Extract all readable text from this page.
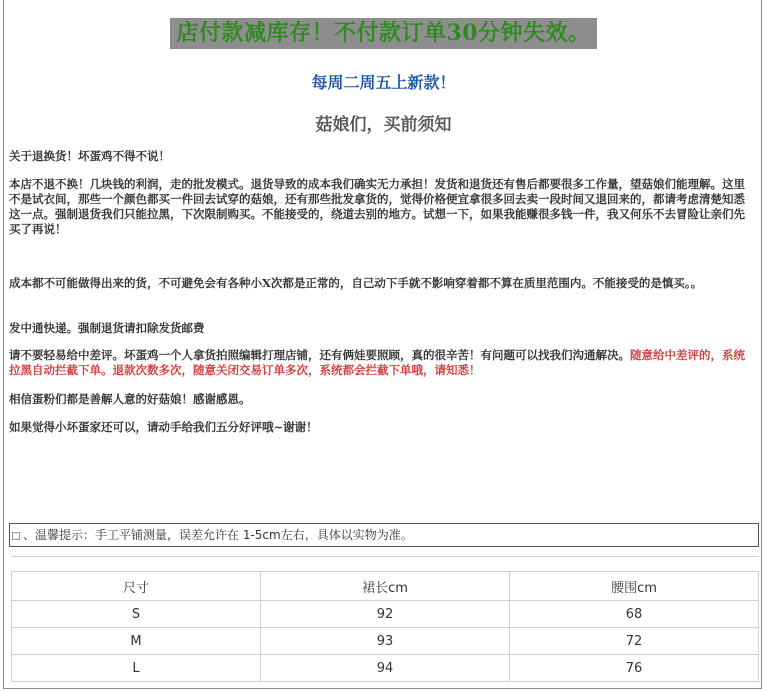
店付款减库存！不付款订单30分钟失效。
每周二周五上新款！
菇娘们，买前须知

关于退换货！坏蛋鸡不得不说！

本店不退不换！几块钱的利润，走的批发模式。退货导致的成本我们确实无力承担！发货和退货还有售后都要很多工作量，望菇娘们能理解。这里不是试衣间，那些一个颜色都买一件回去试穿的菇娘，还有那些批发拿货的，觉得价格便宜拿很多回去卖一段时间又退回来的，都请考虑清楚知悉这一点。强制退货我们只能拉黑，下次限制购买。不能接受的，绕道去别的地方。试想一下，如果我能赚很多钱一件，我又何乐不去冒险让亲们先买了再说！

成本都不可能做得出来的货，不可避免会有各种小X次都是正常的，自己动下手就不影响穿着都不算在质里范围内。不能接受的是慎买。。

发中通快递。强制退货请扣除发货邮费

请不要轻易给中差评。坏蛋鸡一个人拿货拍照编辑打理店铺，还有俩娃要照顾，真的很辛苦！有问题可以找我们沟通解决。随意给中差评的，系统拉黑自动拦截下单。退款次数多次，随意关闭交易订单多次，系统都会拦截下单哦，请知悉！

相信蛋粉们都是善解人意的好菇娘！感谢感恩。

如果觉得小坏蛋家还可以，请动手给我们五分好评哦~谢谢！

、温馨提示：手工平铺测量，误差允许在 1-5cm左右，具体以实物为准。
尺寸	裙长cm	腰围cm
S	92	68
M	93	72
L	94	76
